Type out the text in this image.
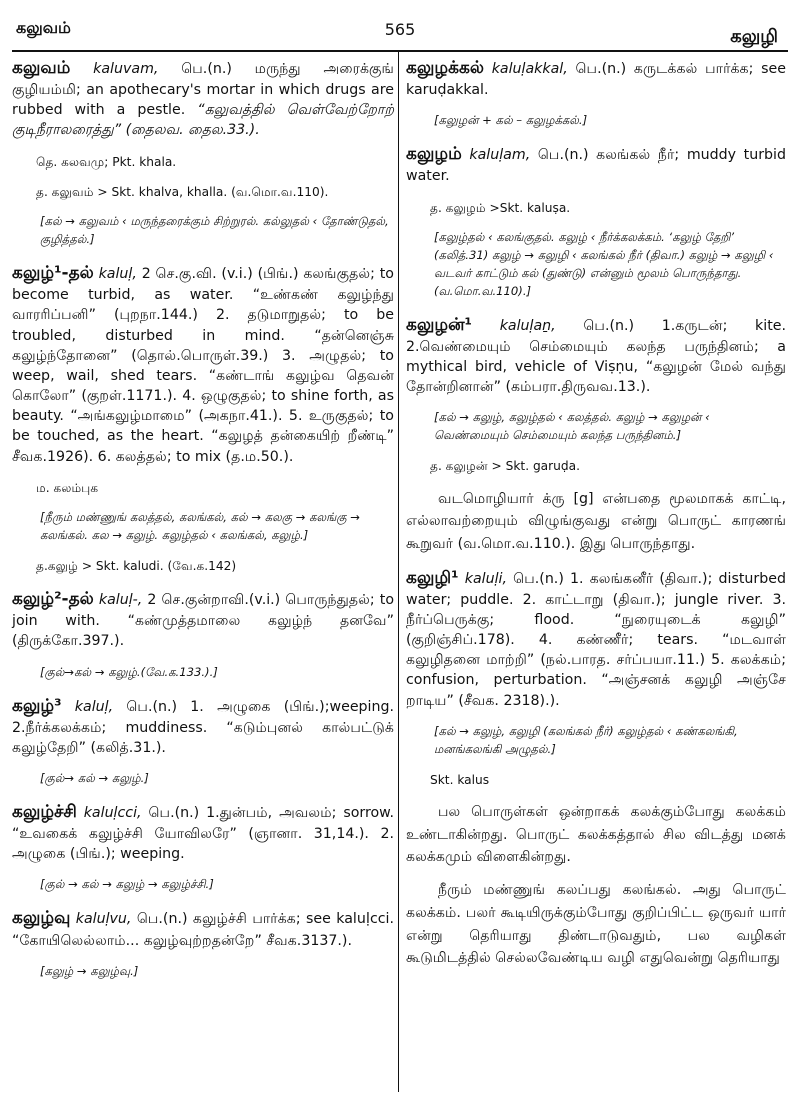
கலுவம்	565	கலுழி

கலுவம் kaluvam, பெ.(n.) மருந்து அரைக்குங் குழியம்மி; an apothecary's mortar in which drugs are rubbed with a pestle. “கலுவத்தில் வெள்வேற்றோற் குடிநீராலரைத்து” (தைலவ. தைல.33.).

தெ. கலவமு; Pkt. khala.

த. கலுவம் > Skt. khalva, khalla. (வ.மொ.வ.110).

[கல் → கலுவம் ‹ மருந்தரைக்கும் சிற்றுரல். கல்லுதல் ‹ தோண்டுதல், குழித்தல்.]

கலுழ்¹-தல் kaluḷ, 2 செ.கு.வி. (v.i.) (பிங்.) கலங்குதல்; to become turbid, as water. “உண்கண் கலுழ்ந்து வாரரிப்பனி” (புறநா.144.) 2. தடுமாறுதல்; to be troubled, disturbed in mind. “தன்னெஞ்சு கலுழ்ந்தோனை” (தொல்.பொருள்.39.) 3. அழுதல்; to weep, wail, shed tears. “கண்டாங் கலுழ்வ தெவன் கொலோ” (குறள்.1171.). 4. ஒழுகுதல்; to shine forth, as beauty. “அங்கலுழ்மாமை” (அகநா.41.). 5. உருகுதல்; to be touched, as the heart. “கலுழத் தன்கையிற் றீண்டி” சீவக.1926). 6. கலத்தல்; to mix (த.ம.50.).

ம. கலம்புக

[நீரும் மண்ணுங் கலத்தல், கலங்கல், கல் → கலகு → கலங்கு → கலங்கல். கல → கலுழ். கலுழ்தல் ‹ கலங்கல், கலுழ்.]

த.கலுழ் > Skt. kaludi. (வே.க.142)

கலுழ்²-தல் kaluḷ-, 2 செ.குன்றாவி.(v.i.) பொருந்துதல்; to join with. “கண்முத்தமாலை கலுழ்ந் தனவே” (திருக்கோ.397.).

[குல்→கல் → கலுழ்.(வே.க.133.).]

கலுழ்³ kaluḷ, பெ.(n.) 1. அழுகை (பிங்.);weeping. 2.நீர்க்கலக்கம்; muddiness. “கடும்புனல் கால்பட்டுக் கலுழ்தேறி” (கலித்.31.).

[குல்→ கல் → கலுழ்.]

கலுழ்ச்சி kaluḷcci, பெ.(n.) 1.துன்பம், அவலம்; sorrow. “உவகைக் கலுழ்ச்சி யோவிலரே” (ஞானா. 31,14.). 2. அழுகை (பிங்.); weeping.

[குல் → கல் → கலுழ் → கலுழ்ச்சி.]

கலுழ்வு kaluḷvu, பெ.(n.) கலுழ்ச்சி பார்க்க; see kaluḷcci. “கோயிலெல்லாம்... கலுழ்வுற்றதன்றே” சீவக.3137.).

[கலுழ் → கலுழ்வு.]

கலுழக்கல் kaluḷakkal, பெ.(n.) கருடக்கல் பார்க்க; see karuḍakkal.

[கலுழன் + கல் – கலுழக்கல்.]

கலுழம் kaluḷam, பெ.(n.) கலங்கல் நீர்; muddy turbid water.

த. கலுழம் >Skt. kaluṣa.

[கலுழ்தல் ‹ கலங்குதல். கலுழ் ‹ நீர்க்கலக்கம். ‘கலுழ் தேறி’ (கலித்.31) கலுழ் → கலுழி ‹ கலங்கல் நீர் (திவா.) கலுழ் → கலுழி ‹ வடவர் காட்டும் கல் (துண்டு) என்னும் மூலம் பொருந்தாது. (வ.மொ.வ.110).]

கலுழன்¹ kaluḷaṉ, பெ.(n.) 1.கருடன்; kite. 2.வெண்மையும் செம்மையும் கலந்த பருந்தினம்; a mythical bird, vehicle of Viṣṇu, “கலுழன் மேல் வந்து தோன்றினான்” (கம்பரா.திருவவ.13.).

[கல் → கலுழ், கலுழ்தல் ‹ கலத்தல். கலுழ் → கலுழன் ‹ வெண்மையும் செம்மையும் கலந்த பருந்தினம்.]

த. கலுழன் > Skt. garuḍa.

வடமொழியார் க்ரு [g] என்பதை மூலமாகக் காட்டி, எல்லாவற்றையும் விழுங்குவது என்று பொருட் காரணங் கூறுவர் (வ.மொ.வ.110.). இது பொருந்தாது.

கலுழி¹ kaluḷi, பெ.(n.) 1. கலங்கனீர் (திவா.); disturbed water; puddle. 2. காட்டாறு (திவா.); jungle river. 3. நீர்ப்பெருக்கு; flood. “நுரையுடைக் கலுழி” (குறிஞ்சிப்.178). 4. கண்ணீர்; tears. “மடவாள் கலுழிதனை மாற்றி” (நல்.பாரத. சர்ப்பயா.11.) 5. கலக்கம்; confusion, perturbation. “அஞ்சனக் கலுழி அஞ்சே றாடிய” (சீவக. 2318).).

[கல் → கலுழ், கலுழி (கலங்கல் நீர்) கலுழ்தல் ‹ கண்கலங்கி, மனங்கலங்கி அழுதல்.]

Skt. kalus

பல பொருள்கள் ஒன்றாகக் கலக்கும்போது கலக்கம் உண்டாகின்றது. பொருட் கலக்கத்தால் சில விடத்து மனக் கலக்கமும் விளைகின்றது.

நீரும் மண்ணுங் கலப்பது கலங்கல். அது பொருட் கலக்கம். பலர் கூடியிருக்கும்போது குறிப்பிட்ட ஒருவர் யார் என்று தெரியாது திண்டாடுவதும், பல வழிகள் கூடுமிடத்தில் செல்லவேண்டிய வழி எதுவென்று தெரியாது
